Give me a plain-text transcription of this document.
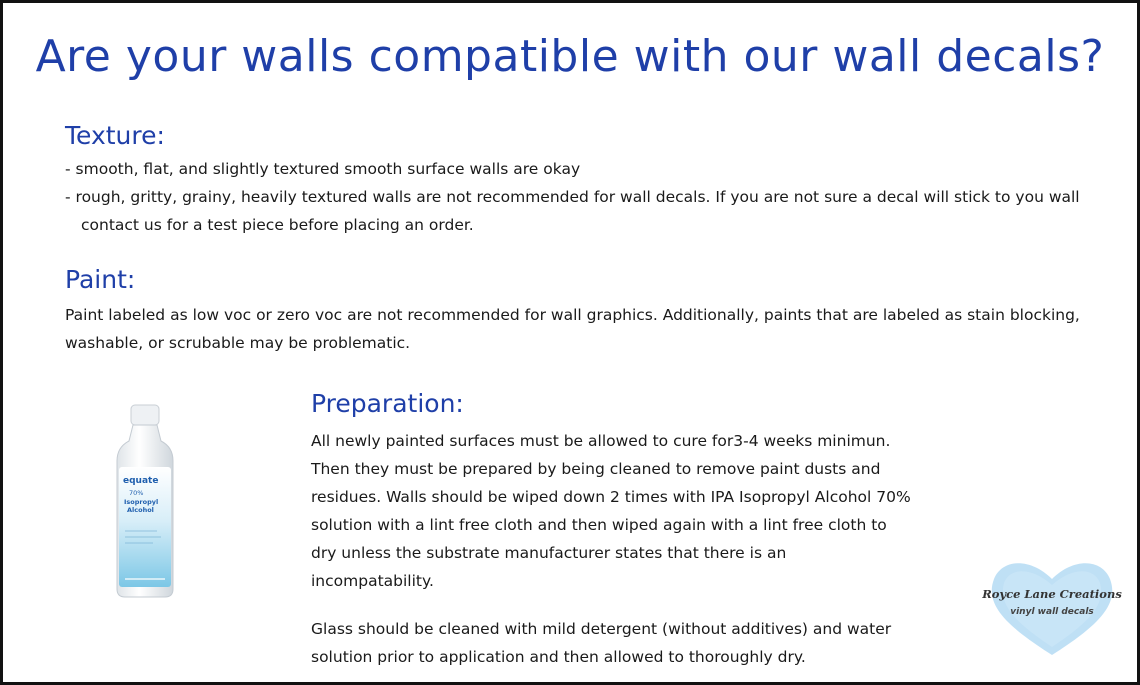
Are your walls compatible with our wall decals?
Texture:
- smooth, flat, and slightly textured smooth surface walls are okay
- rough, gritty, grainy, heavily textured walls are not recommended for wall decals. If you are not sure a decal will stick to you wall contact us for a test piece before placing an order.
Paint:

Paint labeled as low voc or zero voc are not recommended for wall graphics. Additionally, paints that are labeled as stain blocking, washable, or scrubable may be problematic.

equate
70%
Isopropyl
Alcohol
Preparation:

All newly painted surfaces must be allowed to cure for3-4 weeks minimun. Then they must be prepared by being cleaned to remove paint dusts and residues. Walls should be wiped down 2 times with IPA Isopropyl Alcohol 70% solution with a lint free cloth and then wiped again with a lint free cloth to dry unless the substrate manufacturer states that there is an incompatability.

Glass should be cleaned with mild detergent (without additives) and water solution prior to application and then allowed to thoroughly dry.

Royce Lane Creations

vinyl wall decals
